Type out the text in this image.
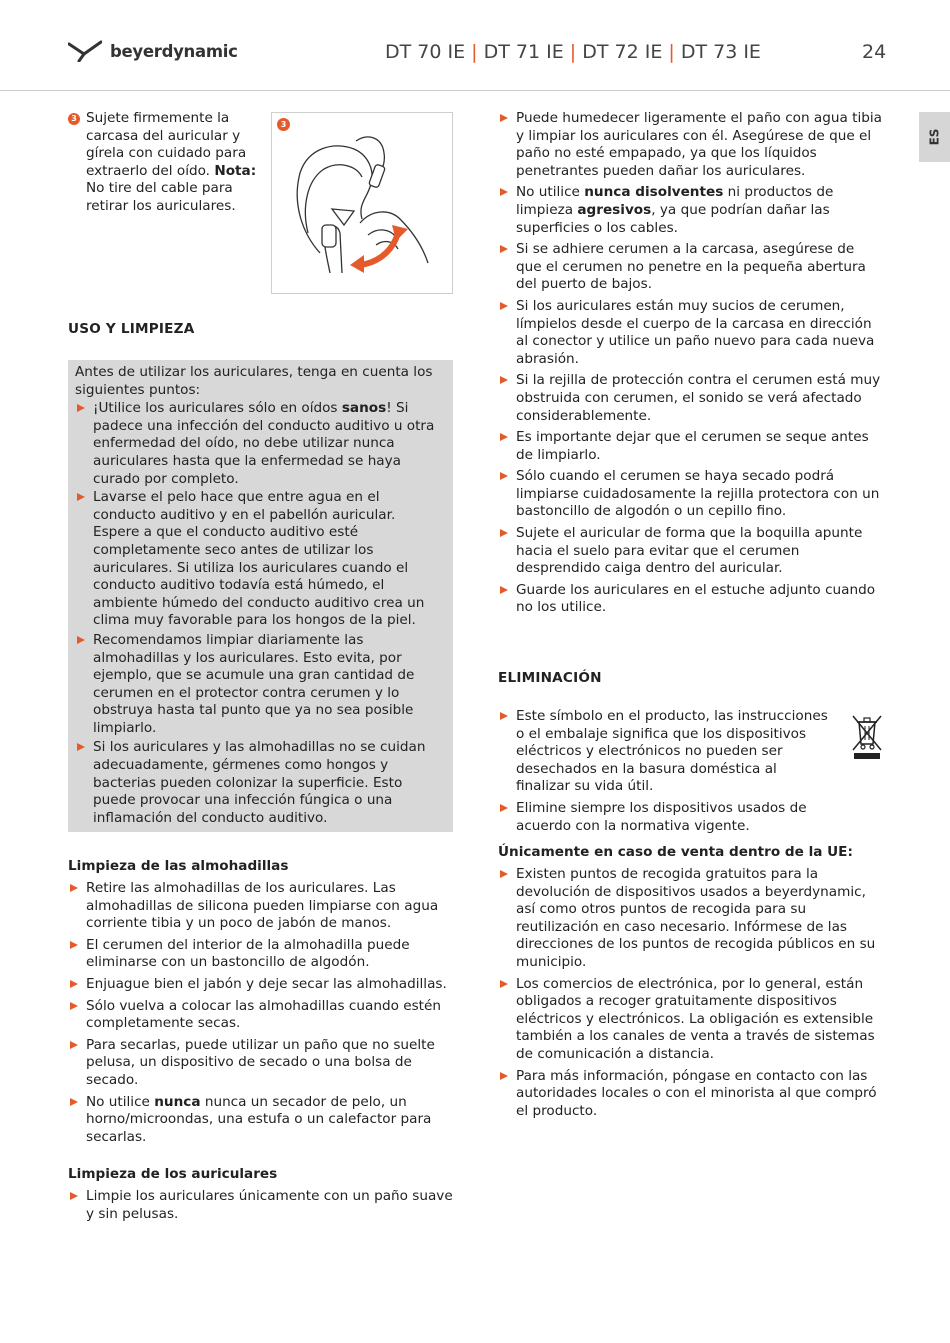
beyerdynamic	DT 70 IE | DT 71 IE | DT 72 IE | DT 73 IE	24
ES
3 Sujete firmemente la carcasa del auricular y gírela con cuidado para extraerlo del oído. Nota: No tire del cable para retirar los auriculares.

3
USO Y LIMPIEZA

Antes de utilizar los auriculares, tenga en cuenta los siguientes puntos:

¡Utilice los auriculares sólo en oídos sanos! Si padece una infección del conducto auditivo u otra enfermedad del oído, no debe utilizar nunca auriculares hasta que la enfermedad se haya curado por completo.
Lavarse el pelo hace que entre agua en el conducto auditivo y en el pabellón auricular. Espere a que el conducto auditivo esté completamente seco antes de utilizar los auriculares. Si utiliza los auriculares cuando el conducto auditivo todavía está húmedo, el ambiente húmedo del conducto auditivo crea un clima muy favorable para los hongos de la piel.
Recomendamos limpiar diariamente las almohadillas y los auriculares. Esto evita, por ejemplo, que se acumule una gran cantidad de cerumen en el protector contra cerumen y lo obstruya hasta tal punto que ya no sea posible limpiarlo.
Si los auriculares y las almohadillas no se cuidan adecuadamente, gérmenes como hongos y bacterias pueden colonizar la superficie. Esto puede provocar una infección fúngica o una inflamación del conducto auditivo.
Limpieza de las almohadillas
Retire las almohadillas de los auriculares. Las almohadillas de silicona pueden limpiarse con agua corriente tibia y un poco de jabón de manos.
El cerumen del interior de la almohadilla puede eliminarse con un bastoncillo de algodón.
Enjuague bien el jabón y deje secar las almohadillas.
Sólo vuelva a colocar las almohadillas cuando estén completamente secas.
Para secarlas, puede utilizar un paño que no suelte pelusa, un dispositivo de secado o una bolsa de secado.
No utilice nunca nunca un secador de pelo, un horno/microondas, una estufa o un calefactor para secarlas.
Limpieza de los auriculares
Limpie los auriculares únicamente con un paño suave y sin pelusas.
Puede humedecer ligeramente el paño con agua tibia y limpiar los auriculares con él. Asegúrese de que el paño no esté empapado, ya que los líquidos penetrantes pueden dañar los auriculares.
No utilice nunca disolventes ni productos de limpieza agresivos, ya que podrían dañar las superficies o los cables.
Si se adhiere cerumen a la carcasa, asegúrese de que el cerumen no penetre en la pequeña abertura del puerto de bajos.
Si los auriculares están muy sucios de cerumen, límpielos desde el cuerpo de la carcasa en dirección al conector y utilice un paño nuevo para cada nueva abrasión.
Si la rejilla de protección contra el cerumen está muy obstruida con cerumen, el sonido se verá afectado considerablemente.
Es importante dejar que el cerumen se seque antes de limpiarlo.
Sólo cuando el cerumen se haya secado podrá limpiarse cuidadosamente la rejilla protectora con un bastoncillo de algodón o un cepillo fino.
Sujete el auricular de forma que la boquilla apunte hacia el suelo para evitar que el cerumen desprendido caiga dentro del auricular.
Guarde los auriculares en el estuche adjunto cuando no los utilice.
ELIMINACIÓN
Este símbolo en el producto, las instrucciones o el embalaje significa que los dispositivos eléctricos y electrónicos no pueden ser desechados en la basura doméstica al finalizar su vida útil.
Elimine siempre los dispositivos usados de acuerdo con la normativa vigente.
Únicamente en caso de venta dentro de la UE:
Existen puntos de recogida gratuitos para la devolución de dispositivos usados a beyerdynamic, así como otros puntos de recogida para su reutilización en caso necesario. Infórmese de las direcciones de los puntos de recogida públicos en su municipio.
Los comercios de electrónica, por lo general, están obligados a recoger gratuitamente dispositivos eléctricos y electrónicos. La obligación es extensible también a los canales de venta a través de sistemas de comunicación a distancia.
Para más información, póngase en contacto con las autoridades locales o con el minorista al que compró el producto.
